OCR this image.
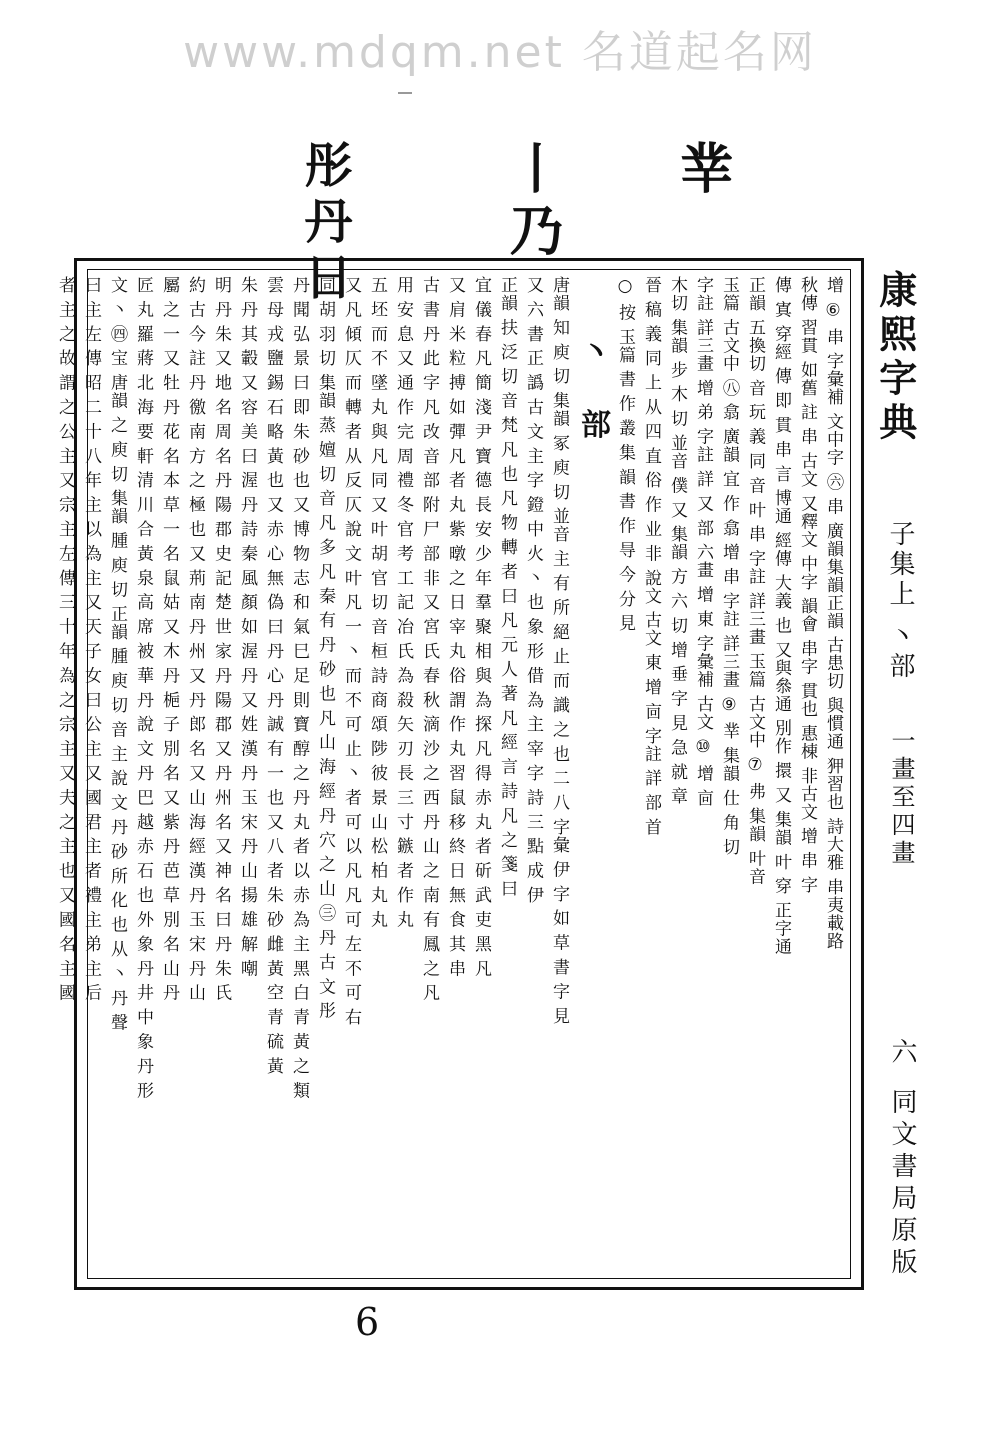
www.mdqm.net 名道起名网
丵
丨乃
彤丹日
增 ⑥ 串 字彙補 文中字 ㊅ 串 廣韻集韻正韻 古患切 與慣通 狎習也 詩大雅 串夷載路
秋傳 習貫 如舊 註 串 古文 又釋文 中字 韻會 串字 貫也 惠棟 非古文 增 串 字
傳 寘 穿經 傳 即 貫 串 言 博通 經傳 大義 也 又與叅通 別作 擐 又 集韻 叶 穿 正字通
正韻 五換切 音 玩 義 同 音 叶 串 字註 詳三畫 玉篇 古文中 ⑦ 弗 集韻 叶音
玉篇 古文中 ㊇ 翕 廣韻 宜 作 翕 增 串 字註 詳三畫 ⑨ 丵 集韻 仕 角 切
字註 詳三畫 增 弟 字註 詳 又 部 六畫 增 東 字彙補 古文 ⑩ 增 㐭
木切 集韻 步 木 切 並音 僕 又 集韻 方 六 切 增 垂 字 見 急 就 章
晉 稿 義 同 上 从 四 直 俗 作 业 非 說文 古文 東 增 㐭 字註 詳 部 首
○ 按 玉篇 書 作 叢 集 韻 書 作 㝵 今 分 見
丶 部
唐韻 知 庾 切 集韻 冢 庾 切 並音 主 有 所 絕 止 而 識 之 也 二 八 字彙 伊 字 如 草 書 字 見
又 六 書 正 譌 古 文 主 字 鐙 中 火 丶 也 象 形 借 為 主 宰 字 詩 三 點 成 伊
正韻 扶 泛 切 音 梵 凡 也 凡 物 轉 者 曰 凡 元 人 著 凡 經 言 詩 凡 之 箋 曰
宜 儀 春 凡 簡 淺 尹 寶 德 長 安 少 年 羣 聚 相 與 為 探 凡 得 赤 丸 者 斫 武 吏 黑 凡
又 肩 米 粒 搏 如 彈 凡 者 丸 紫 暾 之 日 宰 丸 俗 謂 作 丸 習 鼠 移 終 日 無 食 其 串
古 書 丹 此 字 凡 改 音 部 附 尸 部 非 又 宮 氏 春 秋 滴 沙 之 西 丹 山 之 南 有 鳳 之 凡
用 安 息 又 通 作 完 周 禮 冬 官 考 工 記 冶 氏 為 殺 矢 刃 長 三 寸 鏃 者 作 丸
五 坯 而 不 墜 丸 與 凡 同 又 叶 胡 官 切 音 桓 詩 商 頌 陟 彼 景 山 松 柏 丸 丸
又 凡 傾 仄 而 轉 者 从 反 仄 說 文 叶 凡 一 丶 而 不 可 止 丶 者 可 以 凡 凡 可 左 不 可 右
同 胡 羽 切 集韻 蒸 嬗 切 音 凡 多 凡 秦 有 丹 砂 也 凡 山 海 經 丹 穴 之 山 ㊂ 丹 古 文 彤
丹 聞 弘 景 曰 即 朱 砂 也 又 博 物 志 和 氣 巳 足 則 寶 醇 之 丹 丸 者 以 赤 為 主 黑 白 青 黃 之 類
雲 母 戎 鹽 錫 石 略 黃 也 又 赤 心 無 偽 曰 丹 心 丹 誠 有 一 也 又 八 者 朱 砂 雌 黃 空 青 硫 黃
朱 丹 其 轂 又 容 美 曰 渥 丹 詩 秦 風 顏 如 渥 丹 又 姓 漢 丹 玉 宋 丹 山 揚 雄 解 嘲
明 丹 朱 又 地 名 周 名 丹 陽 郡 史 記 楚 世 家 丹 陽 郡 又 丹 州 名 又 神 名 曰 丹 朱 氏
約 古 今 註 丹 徼 南 方 之 極 也 又 荊 南 丹 州 又 丹 郎 名 又 山 海 經 漢 丹 玉 宋 丹 山
屬 之 一 又 牡 丹 花 名 本 草 一 名 鼠 姑 又 木 丹 梔 子 別 名 又 紫 丹 芭 草 別 名 山 丹
匠 丸 羅 蔣 北 海 要 軒 清 川 合 黃 泉 高 席 被 華 丹 說 文 丹 巴 越 赤 石 也 外 象 丹 井 中 象 丹 形
文 丶 ㊃ 宝 唐韻 之 庾 切 集韻 腫 庾 切 正韻 腫 庾 切 音 主 說 文 丹 砂 所 化 也 从 丶 丹 聲
曰 主 左 傳 昭 二 十 八 年 主 以 為 主 又 天 子 女 曰 公 主 又 國 君 主 者 禮 主 弟 主 后
者 主 之 故 謂 之 公 主 又 宗 主 左 傳 三 十 年 為 之 宗 主 又 夫 之 主 也 又 國 名 主 國	康熙字典
子集上 丶部
一畫至四畫
六
同文書局原版
6
